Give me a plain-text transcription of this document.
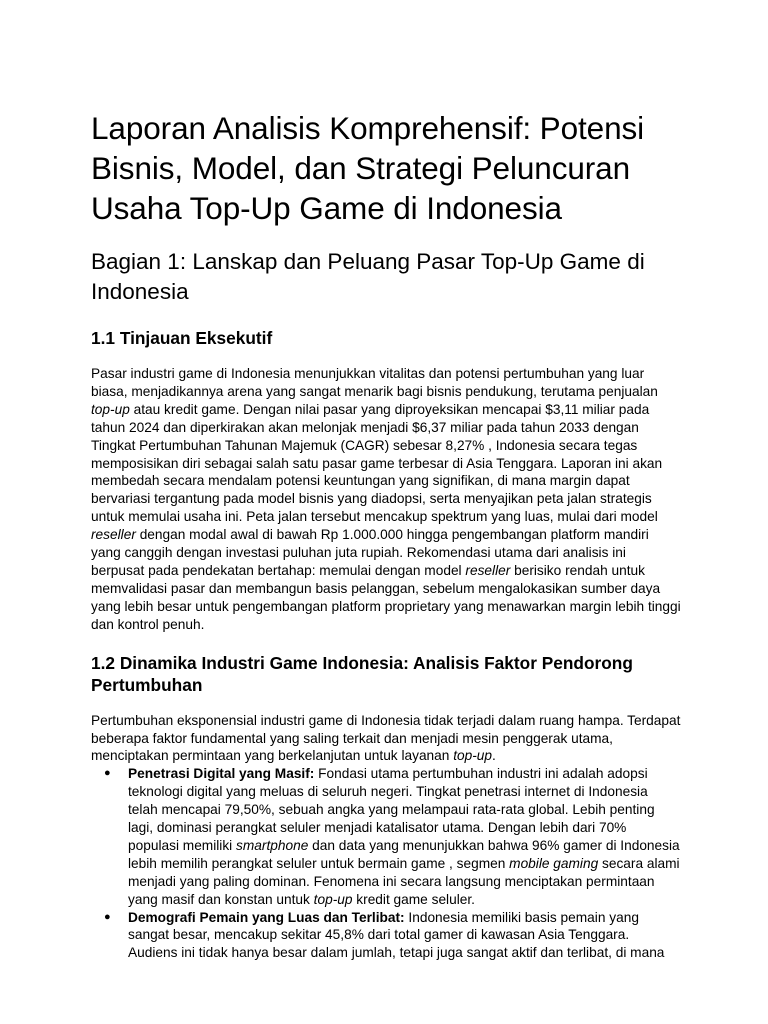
Laporan Analisis Komprehensif: Potensi Bisnis, Model, dan Strategi Peluncuran Usaha Top-Up Game di Indonesia
Bagian 1: Lanskap dan Peluang Pasar Top-Up Game di Indonesia
1.1 Tinjauan Eksekutif

Pasar industri game di Indonesia menunjukkan vitalitas dan potensi pertumbuhan yang luar biasa, menjadikannya arena yang sangat menarik bagi bisnis pendukung, terutama penjualan top-up atau kredit game. Dengan nilai pasar yang diproyeksikan mencapai $3,11 miliar pada tahun 2024 dan diperkirakan akan melonjak menjadi $6,37 miliar pada tahun 2033 dengan Tingkat Pertumbuhan Tahunan Majemuk (CAGR) sebesar 8,27% , Indonesia secara tegas memposisikan diri sebagai salah satu pasar game terbesar di Asia Tenggara. Laporan ini akan membedah secara mendalam potensi keuntungan yang signifikan, di mana margin dapat bervariasi tergantung pada model bisnis yang diadopsi, serta menyajikan peta jalan strategis untuk memulai usaha ini. Peta jalan tersebut mencakup spektrum yang luas, mulai dari model reseller dengan modal awal di bawah Rp 1.000.000 hingga pengembangan platform mandiri yang canggih dengan investasi puluhan juta rupiah. Rekomendasi utama dari analisis ini berpusat pada pendekatan bertahap: memulai dengan model reseller berisiko rendah untuk memvalidasi pasar dan membangun basis pelanggan, sebelum mengalokasikan sumber daya yang lebih besar untuk pengembangan platform proprietary yang menawarkan margin lebih tinggi dan kontrol penuh.

1.2 Dinamika Industri Game Indonesia: Analisis Faktor Pendorong Pertumbuhan

Pertumbuhan eksponensial industri game di Indonesia tidak terjadi dalam ruang hampa. Terdapat beberapa faktor fundamental yang saling terkait dan menjadi mesin penggerak utama, menciptakan permintaan yang berkelanjutan untuk layanan top-up.

● Penetrasi Digital yang Masif: Fondasi utama pertumbuhan industri ini adalah adopsi teknologi digital yang meluas di seluruh negeri. Tingkat penetrasi internet di Indonesia telah mencapai 79,50%, sebuah angka yang melampaui rata-rata global. Lebih penting lagi, dominasi perangkat seluler menjadi katalisator utama. Dengan lebih dari 70% populasi memiliki smartphone dan data yang menunjukkan bahwa 96% gamer di Indonesia lebih memilih perangkat seluler untuk bermain game , segmen mobile gaming secara alami menjadi yang paling dominan. Fenomena ini secara langsung menciptakan permintaan yang masif dan konstan untuk top-up kredit game seluler.
● Demografi Pemain yang Luas dan Terlibat: Indonesia memiliki basis pemain yang sangat besar, mencakup sekitar 45,8% dari total gamer di kawasan Asia Tenggara. Audiens ini tidak hanya besar dalam jumlah, tetapi juga sangat aktif dan terlibat, di mana
